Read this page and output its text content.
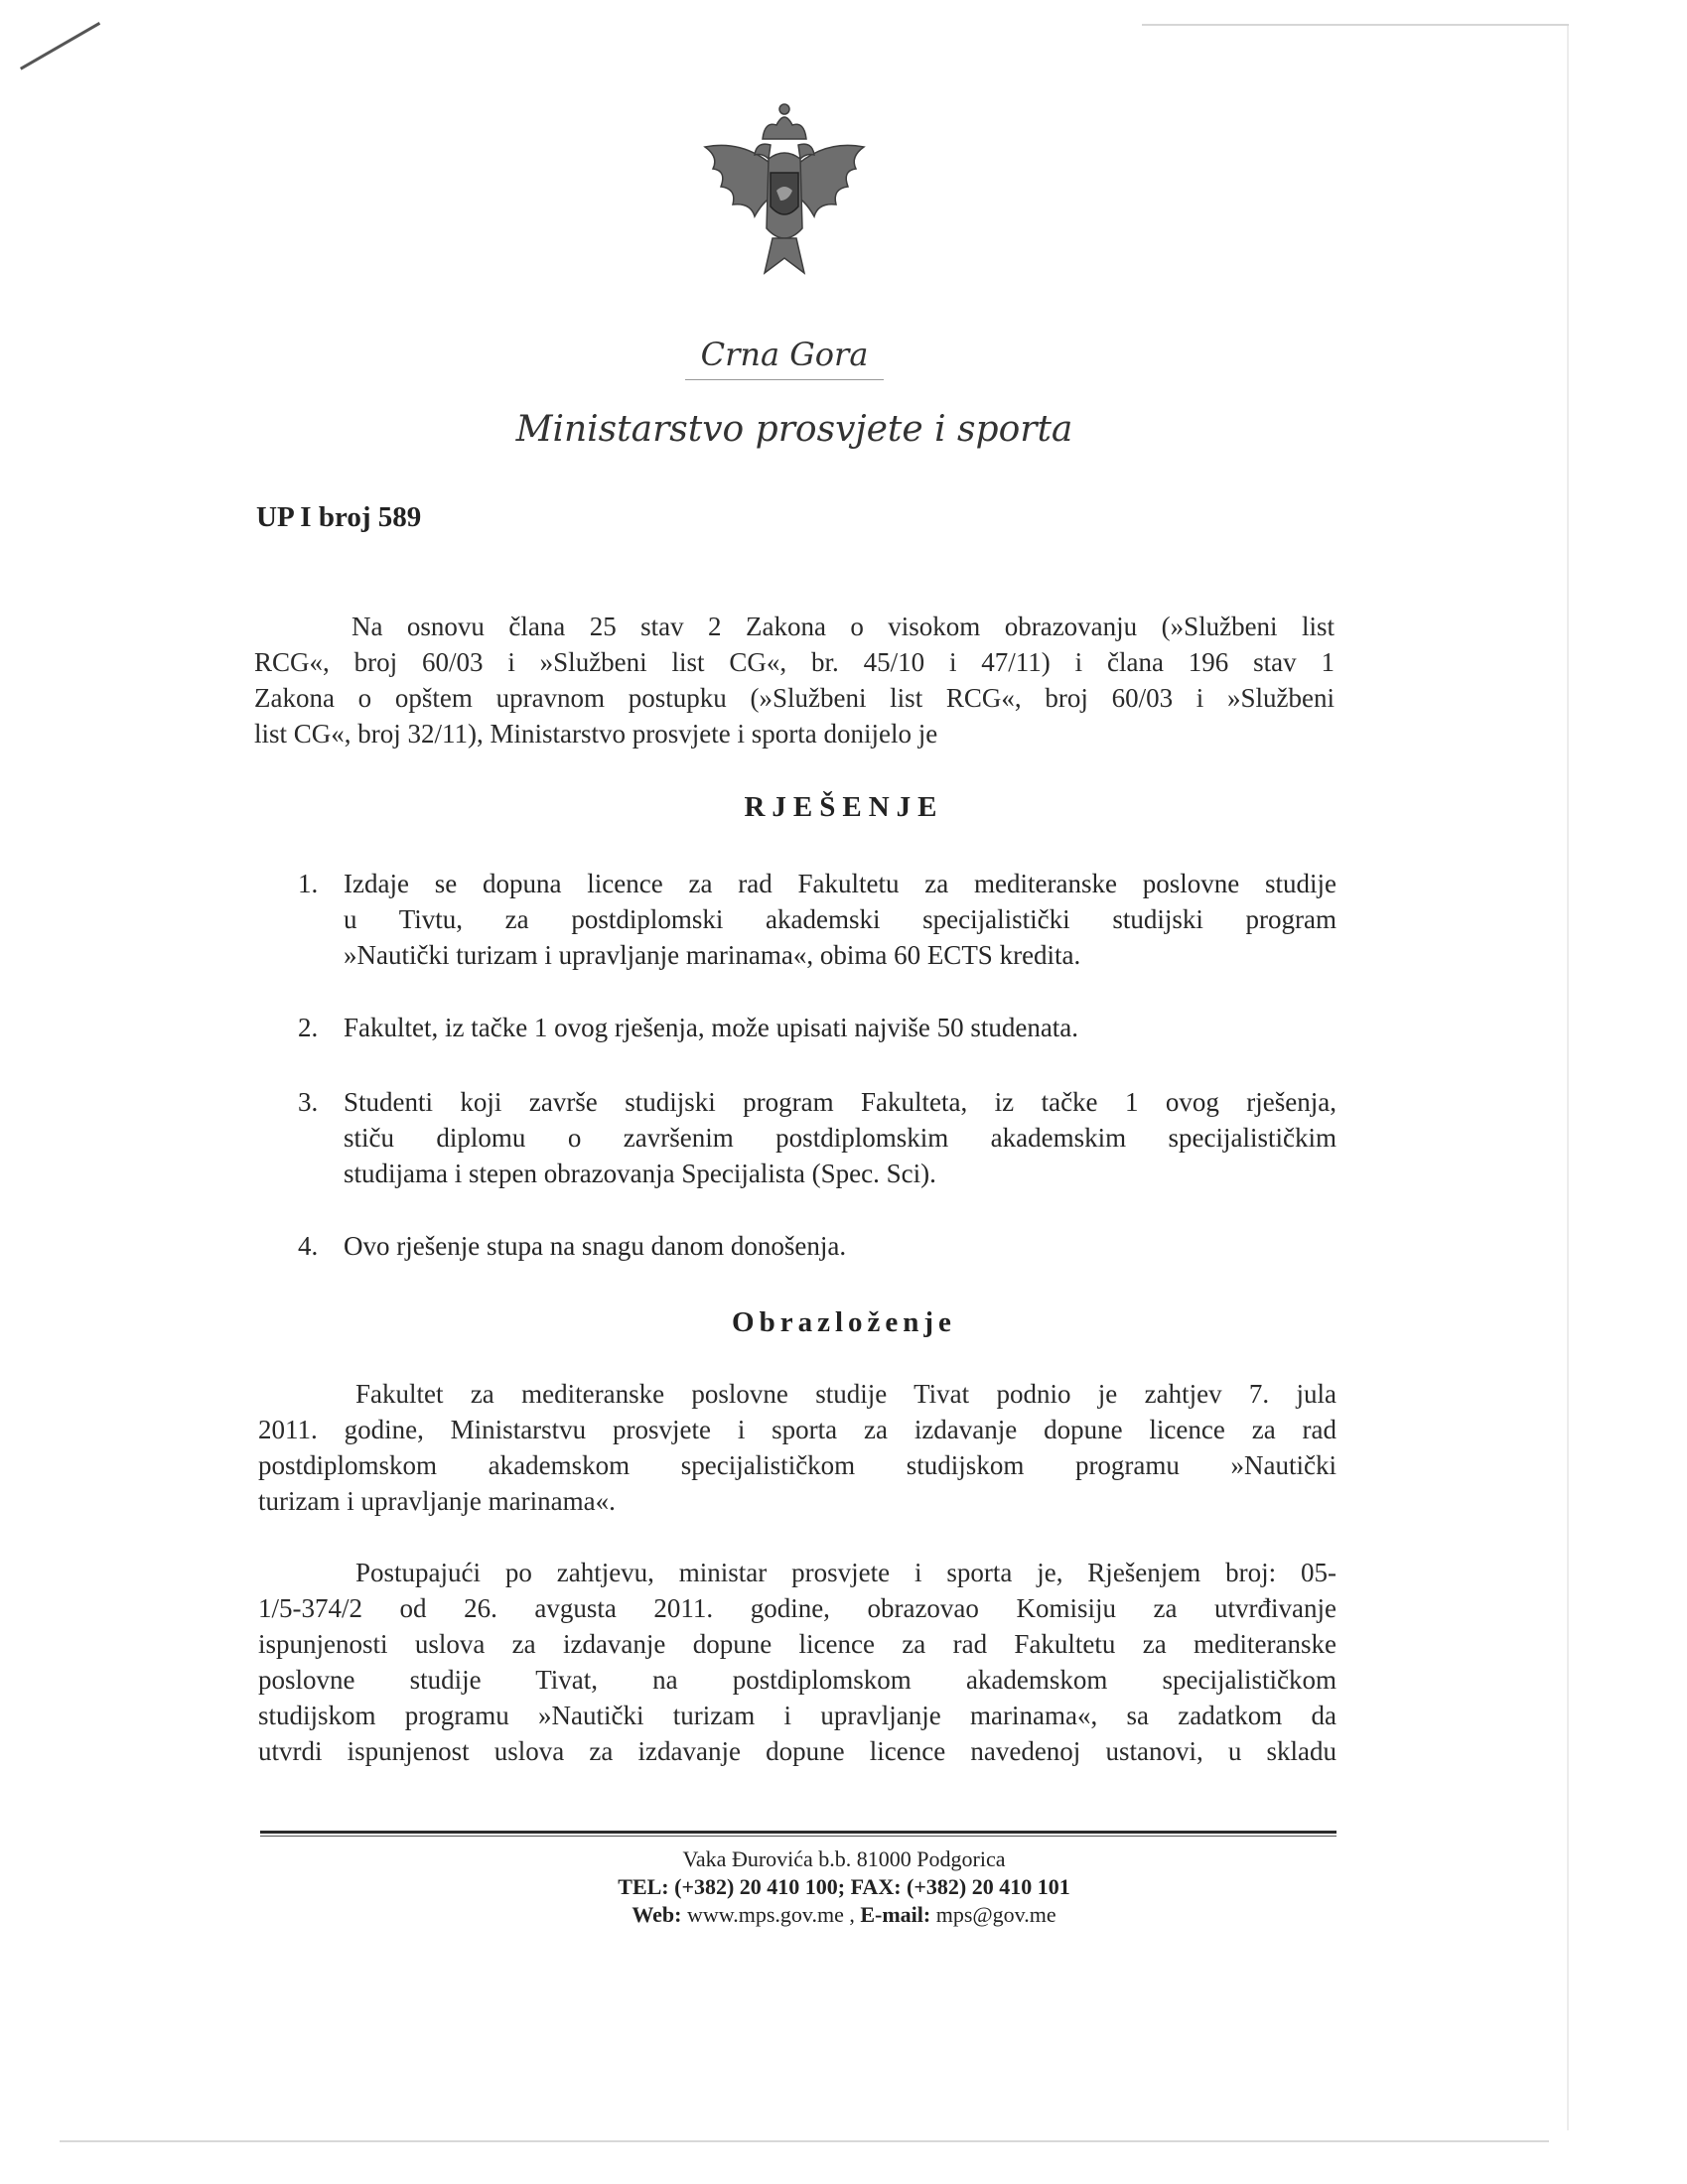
Crna Gora
Ministarstvo prosvjete i sporta
UP I broj 589
Na osnovu člana 25 stav 2 Zakona o visokom obrazovanju (»Službeni list
RCG«, broj 60/03 i »Službeni list CG«, br. 45/10 i 47/11) i člana 196 stav 1
Zakona o opštem upravnom postupku (»Službeni list RCG«, broj 60/03 i »Službeni
list CG«, broj 32/11), Ministarstvo prosvjete i sporta donijelo je
RJEŠENJE
1. Izdaje se dopuna licence za rad Fakultetu za mediteranske poslovne studije
u Tivtu, za postdiplomski akademski specijalistički studijski program
»Nautički turizam i upravljanje marinama«, obima 60 ECTS kredita.
2. Fakultet, iz tačke 1 ovog rješenja, može upisati najviše 50 studenata.
3. Studenti koji završe studijski program Fakulteta, iz tačke 1 ovog rješenja,
stiču diplomu o završenim postdiplomskim akademskim specijalističkim
studijama i stepen obrazovanja Specijalista (Spec. Sci).
4. Ovo rješenje stupa na snagu danom donošenja.
Obrazloženje
Fakultet za mediteranske poslovne studije Tivat podnio je zahtjev 7. jula
2011. godine, Ministarstvu prosvjete i sporta za izdavanje dopune licence za rad
postdiplomskom akademskom specijalističkom studijskom programu »Nautički
turizam i upravljanje marinama«.
Postupajući po zahtjevu, ministar prosvjete i sporta je, Rješenjem broj: 05-
1/5-374/2 od 26. avgusta 2011. godine, obrazovao Komisiju za utvrđivanje
ispunjenosti uslova za izdavanje dopune licence za rad Fakultetu za mediteranske
poslovne studije Tivat, na postdiplomskom akademskom specijalističkom
studijskom programu »Nautički turizam i upravljanje marinama«, sa zadatkom da
utvrdi ispunjenost uslova za izdavanje dopune licence navedenoj ustanovi, u skladu
Vaka Đurovića b.b. 81000 Podgorica
TEL: (+382) 20 410 100; FAX: (+382) 20 410 101
Web: www.mps.gov.me , E-mail: mps@gov.me
